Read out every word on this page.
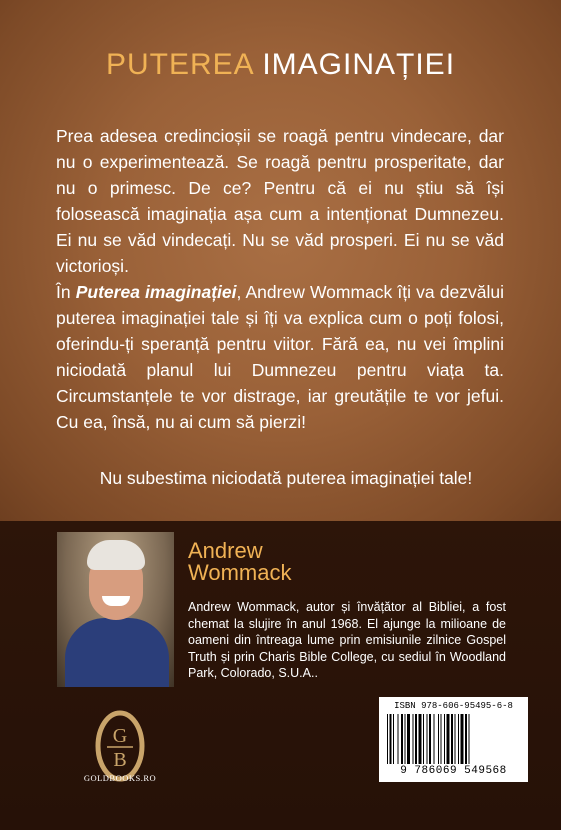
PUTEREA IMAGINAȚIEI
Prea adesea credincioșii se roagă pentru vindecare, dar nu o experimentează. Se roagă pentru prosperitate, dar nu o primesc. De ce? Pentru că ei nu știu să își folosească imaginația așa cum a intenționat Dumnezeu. Ei nu se văd vindecați. Nu se văd prosperi. Ei nu se văd victorioși.
În Puterea imaginației, Andrew Wommack îți va dezvălui puterea imaginației tale și îți va explica cum o poți folosi, oferindu-ți speranță pentru viitor. Fără ea, nu vei împlini niciodată planul lui Dumnezeu pentru viața ta. Circumstanțele te vor distrage, iar greutățile te vor jefui. Cu ea, însă, nu ai cum să pierzi!
Nu subestima niciodată puterea imaginației tale!
Andrew
Wommack
Andrew Wommack, autor și învățător al Bibliei, a fost chemat la slujire în anul 1968. El ajunge la milioane de oameni din întreaga lume prin emisiunile zilnice Gospel Truth și prin Charis Bible College, cu sediul în Woodland Park, Colorado, S.U.A..
G
B
GOLDBOOKS.RO
ISBN 978-606-95495-6-8
9 786069 549568
